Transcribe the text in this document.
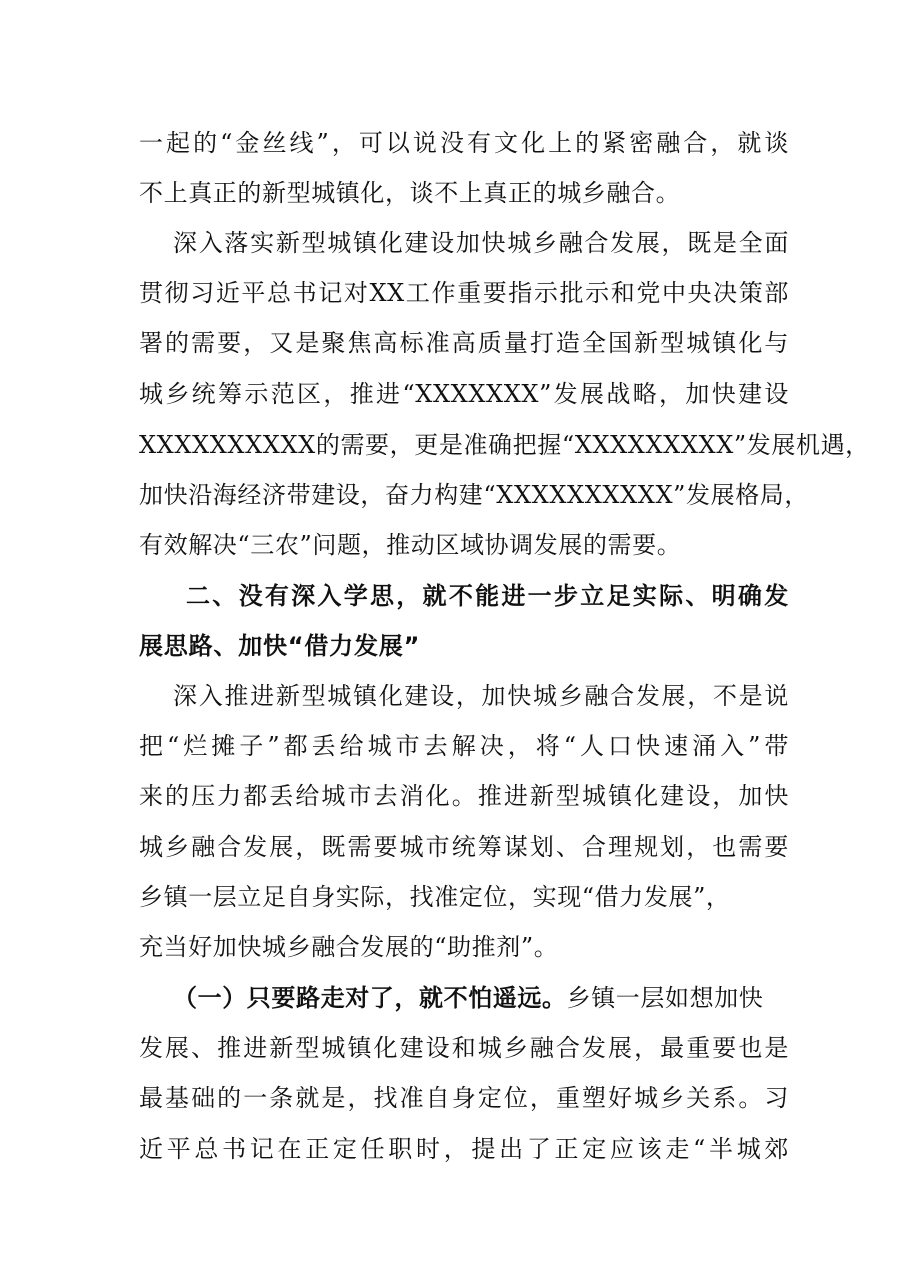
一起的“金丝线”，可以说没有文化上的紧密融合，就谈
不上真正的新型城镇化，谈不上真正的城乡融合。
深入落实新型城镇化建设加快城乡融合发展，既是全面
贯彻习近平总书记对XX工作重要指示批示和党中央决策部
署的需要，又是聚焦高标准高质量打造全国新型城镇化与
城乡统筹示范区，推进“XXXXXXX”发展战略，加快建设
XXXXXXXXXX的需要，更是准确把握“XXXXXXXXX”发展机遇，
加快沿海经济带建设，奋力构建“XXXXXXXXXX”发展格局，
有效解决“三农”问题，推动区域协调发展的需要。
二、没有深入学思，就不能进一步立足实际、明确发
展思路、加快“借力发展”
深入推进新型城镇化建设，加快城乡融合发展，不是说
把“烂摊子”都丢给城市去解决，将“人口快速涌入”带
来的压力都丢给城市去消化。推进新型城镇化建设，加快
城乡融合发展，既需要城市统筹谋划、合理规划，也需要
乡镇一层立足自身实际，找准定位，实现“借力发展”，
充当好加快城乡融合发展的“助推剂”。
（一）只要路走对了，就不怕遥远。乡镇一层如想加快
发展、推进新型城镇化建设和城乡融合发展，最重要也是
最基础的一条就是，找准自身定位，重塑好城乡关系。习
近平总书记在正定任职时，提出了正定应该走“半城郊
